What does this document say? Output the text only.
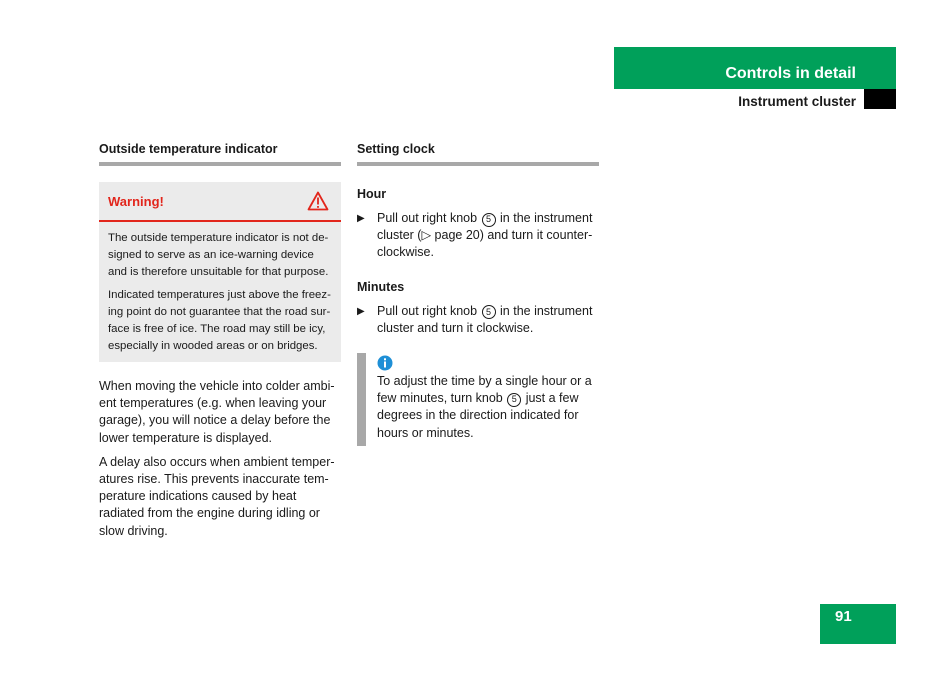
Controls in detail
Instrument cluster
Outside temperature indicator
Warning!

The outside temperature indicator is not de-signed to serve as an ice-warning device and is therefore unsuitable for that purpose.

Indicated temperatures just above the freez-ing point do not guarantee that the road sur-face is free of ice. The road may still be icy, especially in wooded areas or on bridges.

When moving the vehicle into colder ambi-ent temperatures (e.g. when leaving your garage), you will notice a delay before the lower temperature is displayed.

A delay also occurs when ambient temper-atures rise. This prevents inaccurate tem-perature indications caused by heat radiated from the engine during idling or slow driving.

Setting clock

Hour

▶ Pull out right knob 5 in the instrument cluster (▷ page 20) and turn it counter-clockwise.

Minutes

▶ Pull out right knob 5 in the instrument cluster and turn it clockwise.

To adjust the time by a single hour or a few minutes, turn knob 5 just a few degrees in the direction indicated for hours or minutes.

91
